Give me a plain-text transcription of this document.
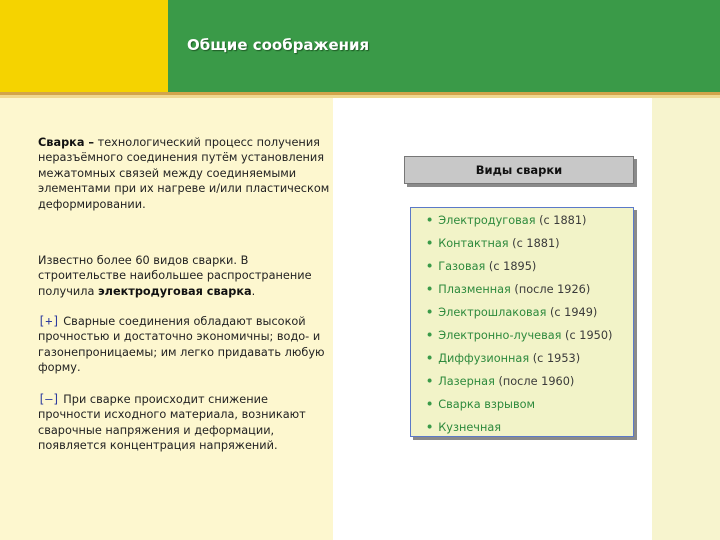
Общие соображения

Сварка – технологический процесс получения неразъёмного соединения путём установления межатомных связей между соединяемыми элементами при их нагреве и/или пластическом деформировании.

Известно более 60 видов сварки. В строительстве наибольшее распространение получила электродуговая сварка.

[+] Сварные соединения обладают высокой прочностью и достаточно экономичны; водо- и газонепроницаемы; им легко придавать любую форму.

[–] При сварке происходит снижение прочности исходного материала, возникают сварочные напряжения и деформации, появляется концентрация напряжений.

Виды сварки
• Электродуговая (с 1881)
• Контактная (с 1881)
• Газовая (с 1895)
• Плазменная (после 1926)
• Электрошлаковая (с 1949)
• Электронно-лучевая (с 1950)
• Диффузионная (с 1953)
• Лазерная (после 1960)
• Сварка взрывом
• Кузнечная
